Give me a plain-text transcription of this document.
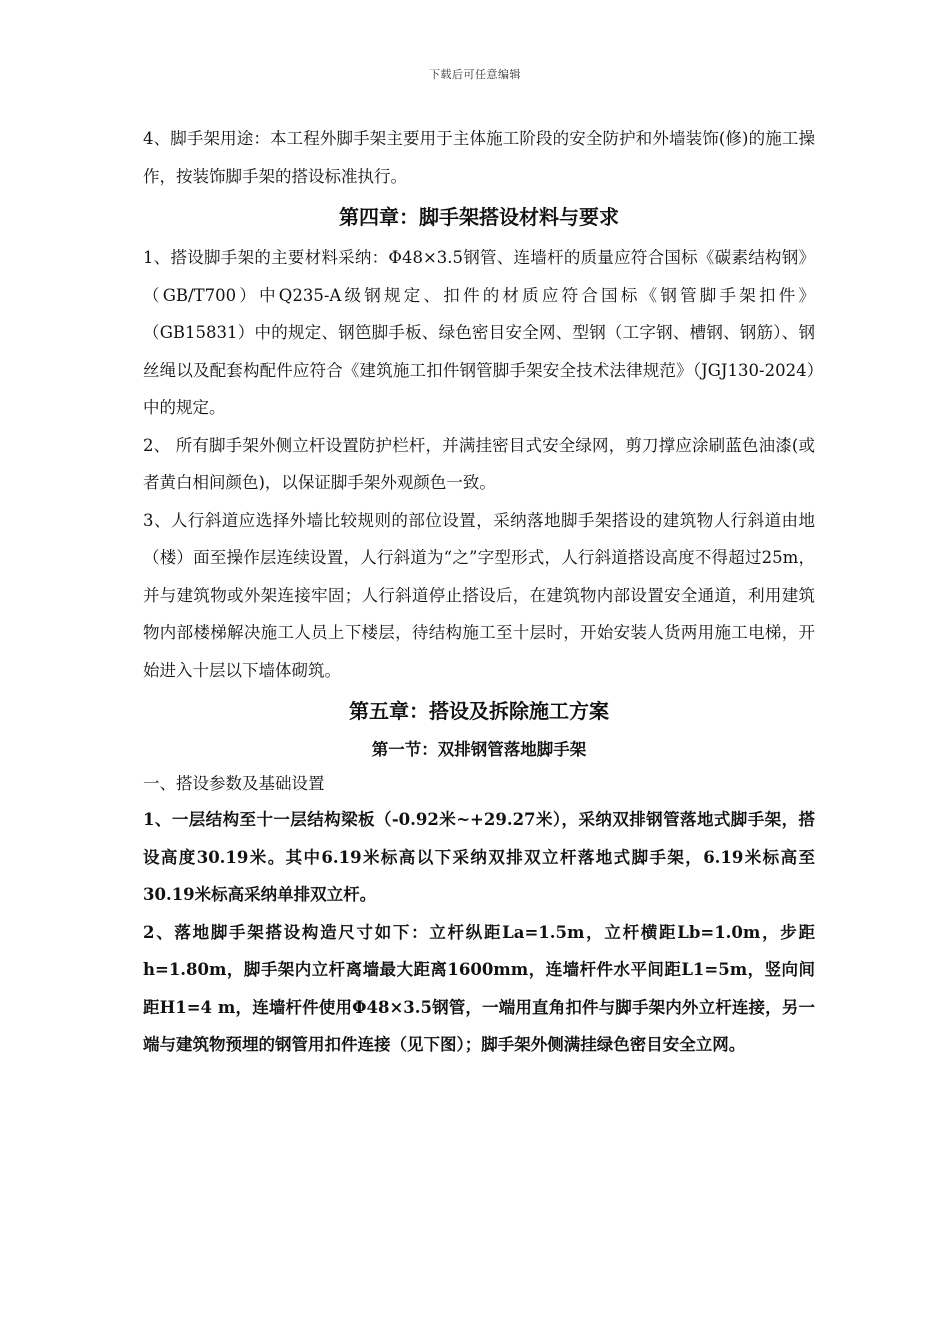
下载后可任意编辑

4、脚手架用途：本工程外脚手架主要用于主体施工阶段的安全防护和外墙装饰(修)的施工操作，按装饰脚手架的搭设标准执行。

第四章：脚手架搭设材料与要求

1、搭设脚手架的主要材料采纳：Φ48×3.5钢管、连墙杆的质量应符合国标《碳素结构钢》（GB/T700）中Q235-A级钢规定、扣件的材质应符合国标《钢管脚手架扣件》（GB15831）中的规定、钢笆脚手板、绿色密目安全网、型钢（工字钢、槽钢、钢筋）、钢丝绳以及配套构配件应符合《建筑施工扣件钢管脚手架安全技术法律规范》（JGJ130-2024）中的规定。

2、 所有脚手架外侧立杆设置防护栏杆，并满挂密目式安全绿网，剪刀撑应涂刷蓝色油漆(或者黄白相间颜色)，以保证脚手架外观颜色一致。

3、人行斜道应选择外墙比较规则的部位设置，采纳落地脚手架搭设的建筑物人行斜道由地（楼）面至操作层连续设置，人行斜道为“之”字型形式，人行斜道搭设高度不得超过25m，并与建筑物或外架连接牢固；人行斜道停止搭设后，在建筑物内部设置安全通道，利用建筑物内部楼梯解决施工人员上下楼层，待结构施工至十层时，开始安装人货两用施工电梯，开始进入十层以下墙体砌筑。

第五章：搭设及拆除施工方案
第一节：双排钢管落地脚手架

一、搭设参数及基础设置

1、一层结构至十一层结构梁板（-0.92米~+29.27米），采纳双排钢管落地式脚手架，搭设高度30.19米。其中6.19米标高以下采纳双排双立杆落地式脚手架，6.19米标高至30.19米标高采纳单排双立杆。

2、落地脚手架搭设构造尺寸如下：立杆纵距La=1.5m，立杆横距Lb=1.0m，步距h=1.80m，脚手架内立杆离墙最大距离1600mm，连墙杆件水平间距L1=5m，竖向间距H1=4 m，连墙杆件使用Φ48×3.5钢管，一端用直角扣件与脚手架内外立杆连接，另一端与建筑物预埋的钢管用扣件连接（见下图）；脚手架外侧满挂绿色密目安全立网。
